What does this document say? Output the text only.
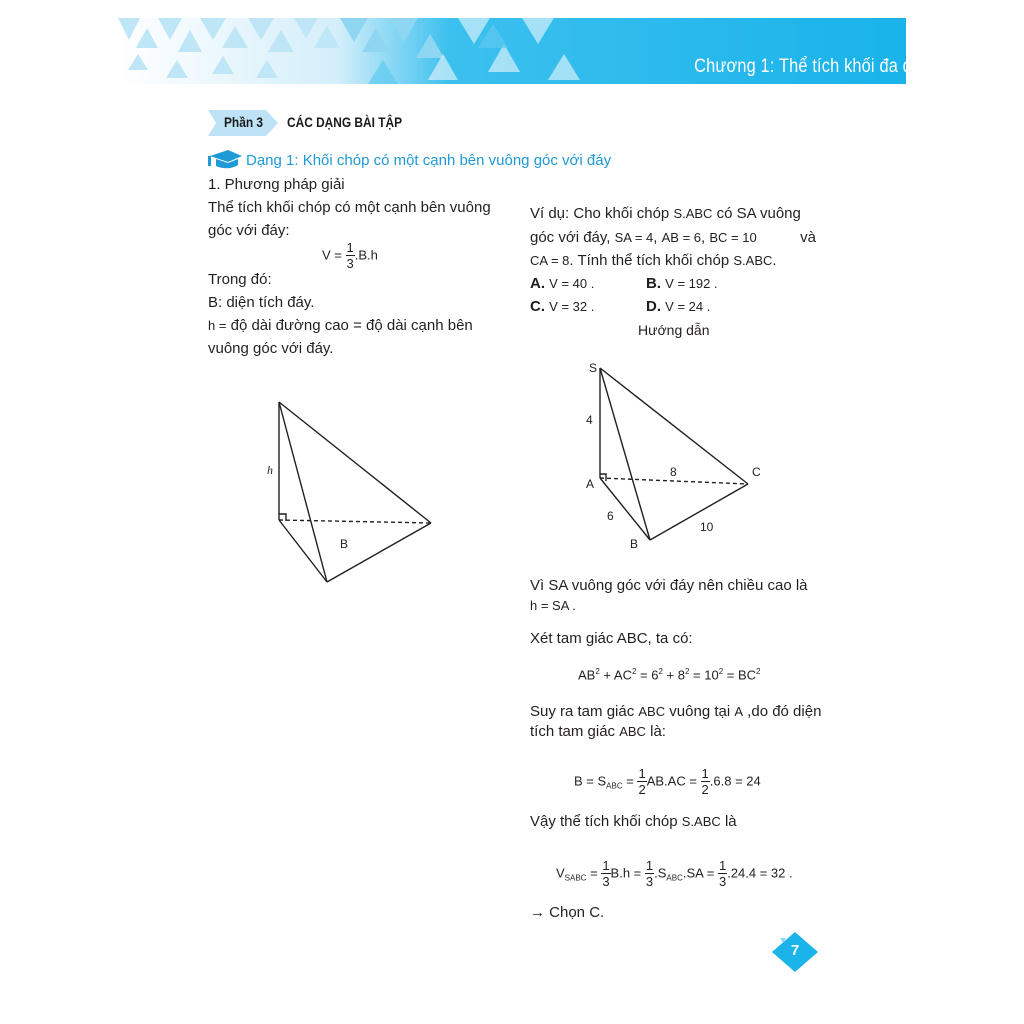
Chương 1: Thể tích khối đa diện
Phần 3 CÁC DẠNG BÀI TẬP
Dạng 1: Khối chóp có một cạnh bên vuông góc với đáy
1. Phương pháp giải
Thể tích khối chóp có một cạnh bên vuông
góc với đáy:
$V = \frac{1}{3} .B.h$
Trong đó:
B: diện tích đáy.
h = độ dài đường cao = độ dài cạnh bên
vuông góc với đáy.
h
B
Ví dụ: Cho khối chóp S.ABC có SA vuông
góc với đáy, SA = 4, AB = 6, BC = 10	và
CA = 8. Tính thể tích khối chóp S.ABC.
A. V = 40 .	B. V = 192 .
C. V = 32 .	D. V = 24 .
Hướng dẫn
S
4
8	C
A
6
10
B
Vì SA vuông góc với đáy nên chiều cao là
h = SA .
Xét tam giác ABC, ta có:
$AB^2 + AC^2 = 6^2 + 8^2 = 10^2 = BC^2$
Suy ra tam giác ABC vuông tại A ,do đó diện
tích tam giác ABC là:
$B = S_{ABC} = \frac{1}{2} AB.AC = \frac{1}{2} .6.8 = 24$
Vậy thể tích khối chóp S.ABC là
$V_{SABC} = \frac{1}{3} B.h = \frac{1}{3} .S_{ABC}.SA = \frac{1}{3} .24.4 = 32$ .
→ Chọn C.
7
